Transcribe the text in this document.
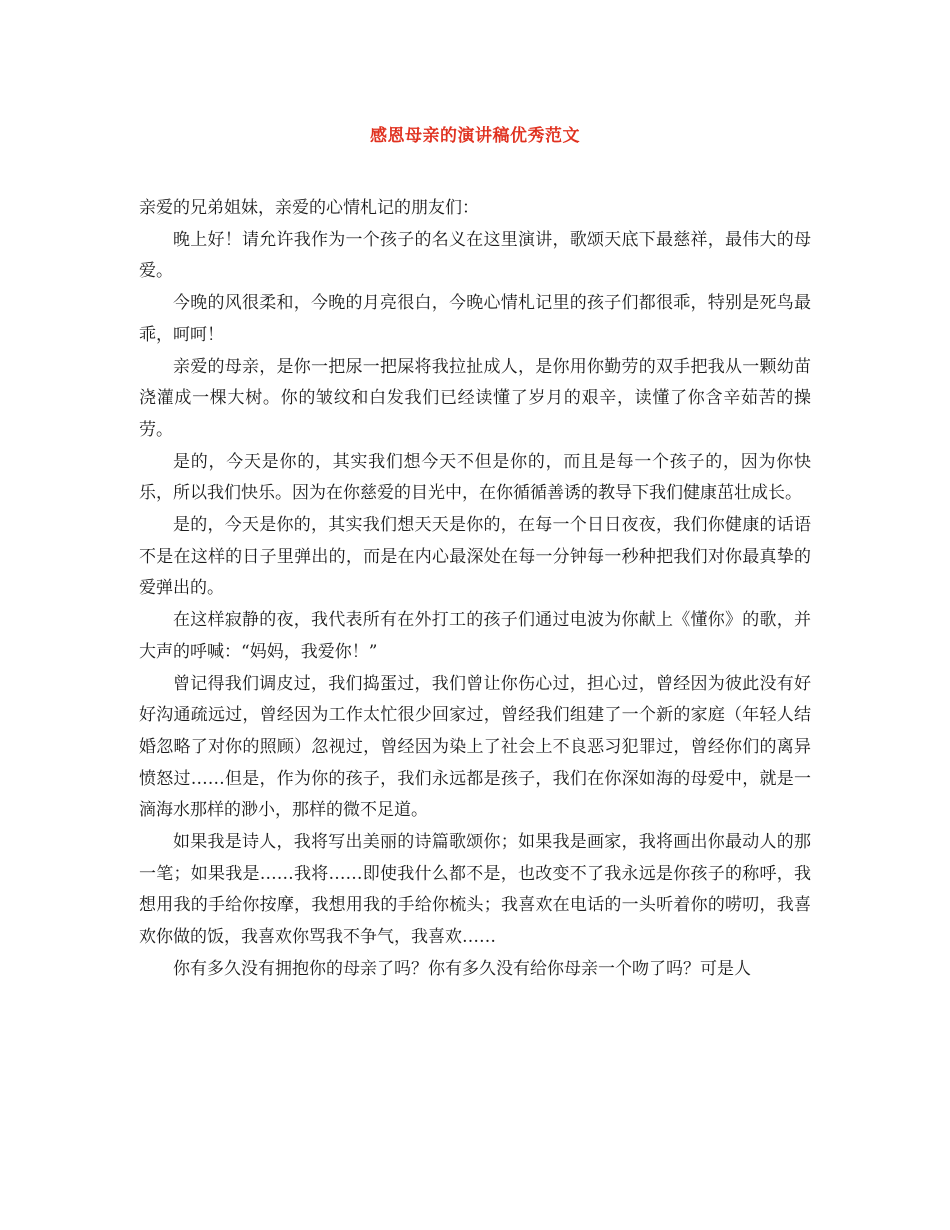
感恩母亲的演讲稿优秀范文

亲爱的兄弟姐妹，亲爱的心情札记的朋友们：

晚上好！请允许我作为一个孩子的名义在这里演讲，歌颂天底下最慈祥，最伟大的母爱。

今晚的风很柔和，今晚的月亮很白，今晚心情札记里的孩子们都很乖，特别是死鸟最乖，呵呵！

亲爱的母亲，是你一把尿一把屎将我拉扯成人，是你用你勤劳的双手把我从一颗幼苗浇灌成一棵大树。你的皱纹和白发我们已经读懂了岁月的艰辛，读懂了你含辛茹苦的操劳。

是的，今天是你的，其实我们想今天不但是你的，而且是每一个孩子的，因为你快乐，所以我们快乐。因为在你慈爱的目光中，在你循循善诱的教导下我们健康茁壮成长。

是的，今天是你的，其实我们想天天是你的，在每一个日日夜夜，我们你健康的话语不是在这样的日子里弹出的，而是在内心最深处在每一分钟每一秒种把我们对你最真挚的爱弹出的。

在这样寂静的夜，我代表所有在外打工的孩子们通过电波为你献上《懂你》的歌，并大声的呼喊：“妈妈，我爱你！”

曾记得我们调皮过，我们捣蛋过，我们曾让你伤心过，担心过，曾经因为彼此没有好好沟通疏远过，曾经因为工作太忙很少回家过，曾经我们组建了一个新的家庭（年轻人结婚忽略了对你的照顾）忽视过，曾经因为染上了社会上不良恶习犯罪过，曾经你们的离异愤怒过……但是，作为你的孩子，我们永远都是孩子，我们在你深如海的母爱中，就是一滴海水那样的渺小，那样的微不足道。

如果我是诗人，我将写出美丽的诗篇歌颂你；如果我是画家，我将画出你最动人的那一笔；如果我是……我将……即使我什么都不是，也改变不了我永远是你孩子的称呼，我想用我的手给你按摩，我想用我的手给你梳头；我喜欢在电话的一头听着你的唠叨，我喜欢你做的饭，我喜欢你骂我不争气，我喜欢……

你有多久没有拥抱你的母亲了吗？你有多久没有给你母亲一个吻了吗？可是人
